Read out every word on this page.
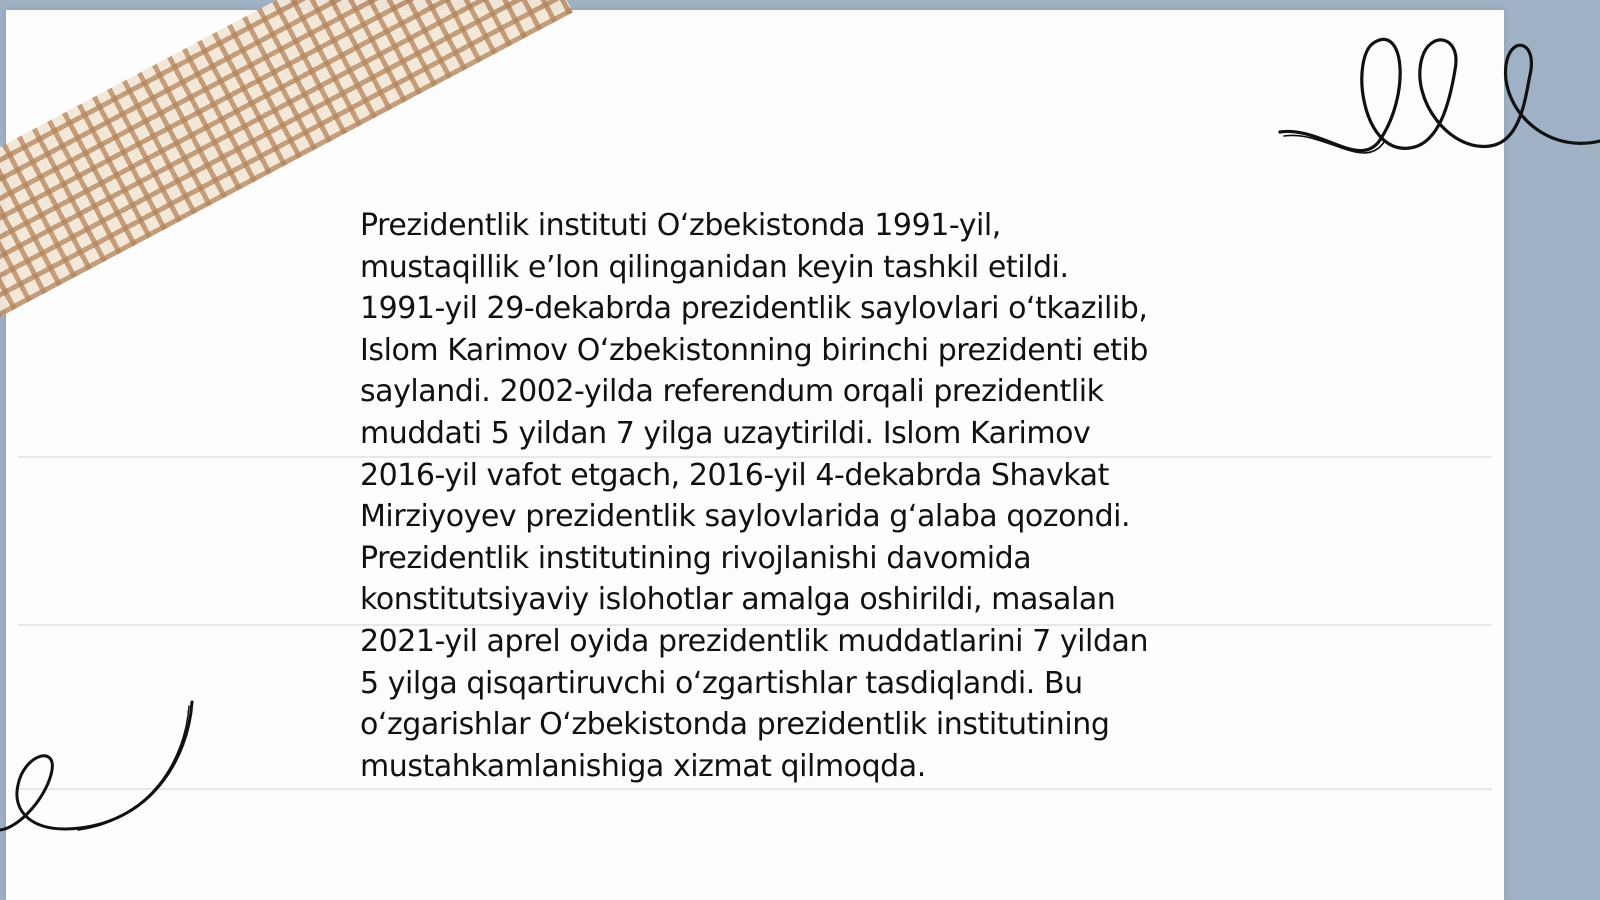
Prezidentlik instituti O‘zbekistonda 1991-yil,
mustaqillik e’lon qilinganidan keyin tashkil etildi.
1991-yil 29-dekabrda prezidentlik saylovlari o‘tkazilib,
Islom Karimov O‘zbekistonning birinchi prezidenti etib
saylandi. 2002-yilda referendum orqali prezidentlik
muddati 5 yildan 7 yilga uzaytirildi. Islom Karimov
2016-yil vafot etgach, 2016-yil 4-dekabrda Shavkat
Mirziyoyev prezidentlik saylovlarida g‘alaba qozondi.
Prezidentlik institutining rivojlanishi davomida
konstitutsiyaviy islohotlar amalga oshirildi, masalan
2021-yil aprel oyida prezidentlik muddatlarini 7 yildan
5 yilga qisqartiruvchi o‘zgartishlar tasdiqlandi. Bu
o‘zgarishlar O‘zbekistonda prezidentlik institutining
mustahkamlanishiga xizmat qilmoqda.
